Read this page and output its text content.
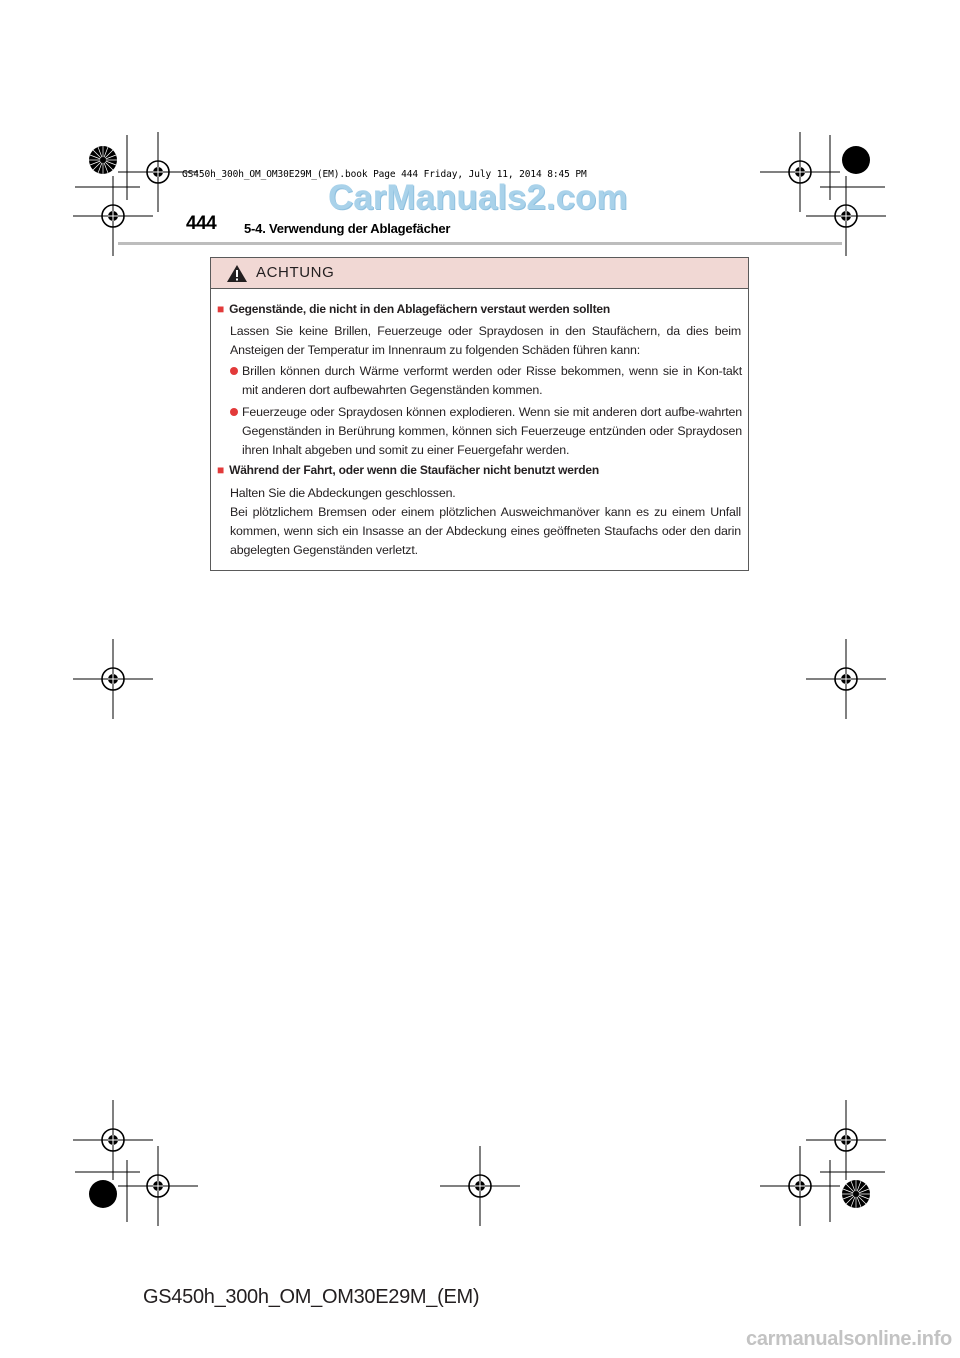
GS450h_300h_OM_OM30E29M_(EM).book Page 444 Friday, July 11, 2014 8:45 PM
CarManuals2.com
444 5-4. Verwendung der Ablagefächer
ACHTUNG
■ Gegenstände, die nicht in den Ablagefächern verstaut werden sollten
Lassen Sie keine Brillen, Feuerzeuge oder Spraydosen in den Staufächern, da dies beim Ansteigen der Temperatur im Innenraum zu folgenden Schäden führen kann:
Brillen können durch Wärme verformt werden oder Risse bekommen, wenn sie in Kon-takt mit anderen dort aufbewahrten Gegenständen kommen.
Feuerzeuge oder Spraydosen können explodieren. Wenn sie mit anderen dort aufbe-wahrten Gegenständen in Berührung kommen, können sich Feuerzeuge entzünden oder Spraydosen ihren Inhalt abgeben und somit zu einer Feuergefahr werden.
■ Während der Fahrt, oder wenn die Staufächer nicht benutzt werden
Halten Sie die Abdeckungen geschlossen.
Bei plötzlichem Bremsen oder einem plötzlichen Ausweichmanöver kann es zu einem Unfall kommen, wenn sich ein Insasse an der Abdeckung eines geöffneten Staufachs oder den darin abgelegten Gegenständen verletzt.
GS450h_300h_OM_OM30E29M_(EM)
carmanualsonline.info
